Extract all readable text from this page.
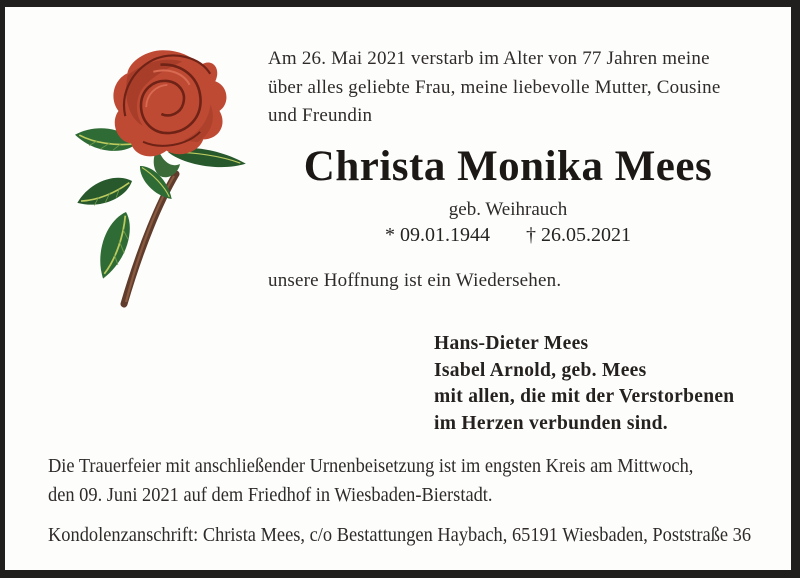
Am 26. Mai 2021 verstarb im Alter von 77 Jahren meine
über alles geliebte Frau, meine liebevolle Mutter, Cousine
und Freundin
Christa Monika Mees
geb. Weihrauch
* 09.01.1944 † 26.05.2021
unsere Hoffnung ist ein Wiedersehen.
Hans-Dieter Mees
Isabel Arnold, geb. Mees
mit allen, die mit der Verstorbenen
im Herzen verbunden sind.
Die Trauerfeier mit anschließender Urnenbeisetzung ist im engsten Kreis am Mittwoch,
den 09. Juni 2021 auf dem Friedhof in Wiesbaden-Bierstadt.
Kondolenzanschrift: Christa Mees, c/o Bestattungen Haybach, 65191 Wiesbaden, Poststraße 36
